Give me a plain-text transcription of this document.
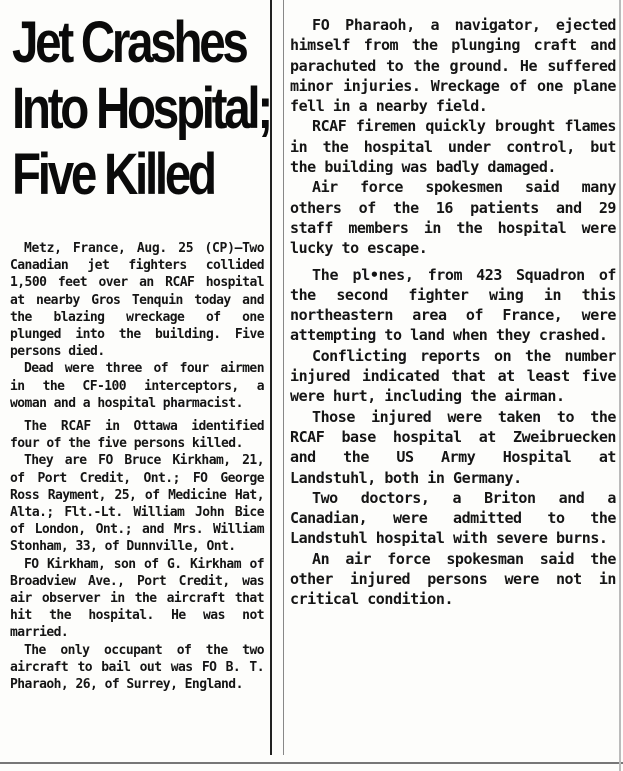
Jet Crashes
Into Hospital;
Five Killed

Metz, France, Aug. 25 (CP)—Two Canadian jet fighters collided 1,500 feet over an RCAF hospital at nearby Gros Tenquin today and the blazing wreckage of one plunged into the building. Five persons died.

Dead were three of four airmen in the CF-100 interceptors, a woman and a hospital pharmacist.

The RCAF in Ottawa identified four of the five persons killed.

They are FO Bruce Kirkham, 21, of Port Credit, Ont.; FO George Ross Rayment, 25, of Medicine Hat, Alta.; Flt.-Lt. William John Bice of London, Ont.; and Mrs. William Stonham, 33, of Dunnville, Ont.

FO Kirkham, son of G. Kirkham of Broadview Ave., Port Credit, was air observer in the aircraft that hit the hospital. He was not married.

The only occupant of the two aircraft to bail out was FO B. T. Pharaoh, 26, of Surrey, England.

FO Pharaoh, a navigator, ejected himself from the plunging craft and parachuted to the ground. He suffered minor injuries. Wreckage of one plane fell in a nearby field.

RCAF firemen quickly brought flames in the hospital under control, but the building was badly damaged.

Air force spokesmen said many others of the 16 patients and 29 staff members in the hospital were lucky to escape.

The pl•nes, from 423 Squadron of the second fighter wing in this northeastern area of France, were attempting to land when they crashed.

Conflicting reports on the number injured indicated that at least five were hurt, including the airman.

Those injured were taken to the RCAF base hospital at Zweibruecken and the US Army Hospital at Landstuhl, both in Germany.

Two doctors, a Briton and a Canadian, were admitted to the Landstuhl hospital with severe burns.

An air force spokesman said the other injured persons were not in critical condition.
